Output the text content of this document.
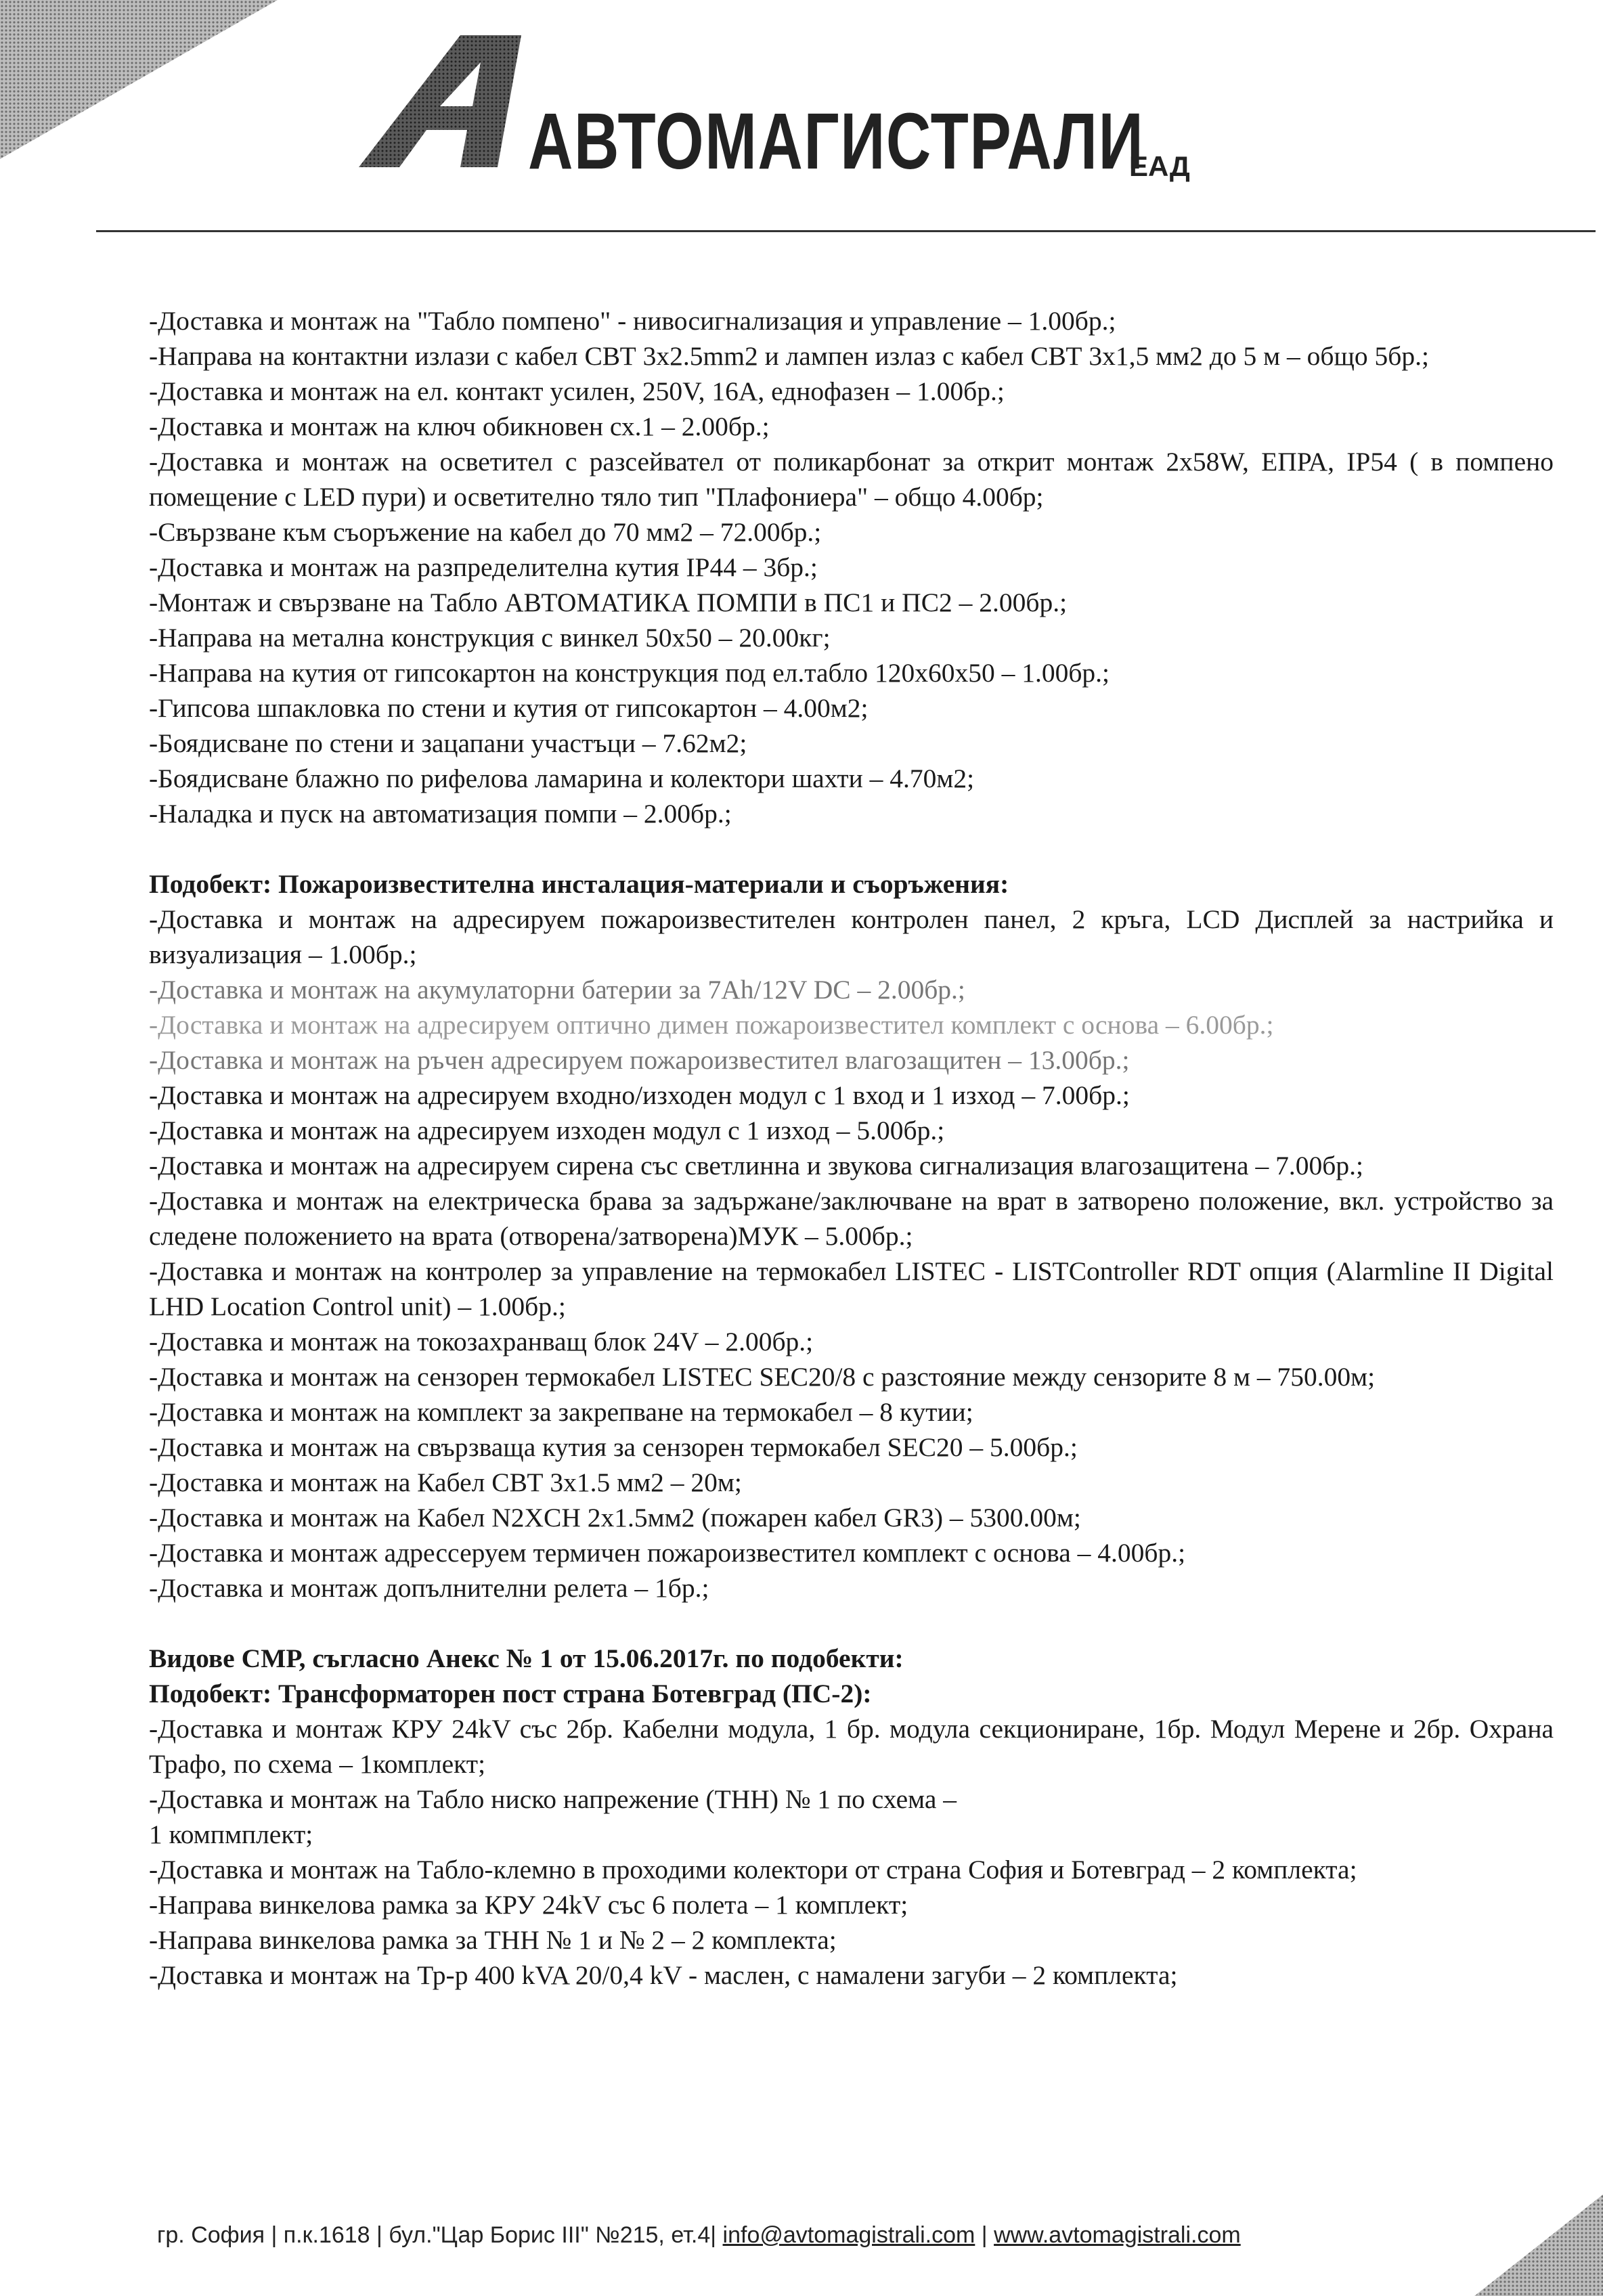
АВТОМАГИСТРАЛИ
ЕАД
-Доставка и монтаж на "Табло помпено" - нивосигнализация и управление – 1.00бр.;
-Направа на контактни излази с кабел СВТ 3х2.5mm2 и лампен излаз с кабел СВТ 3х1,5 мм2 до 5 м – общо 5бр.;
-Доставка и монтаж на ел. контакт усилен, 250V, 16А, еднофазен – 1.00бр.;
-Доставка и монтаж на ключ обикновен сх.1 – 2.00бр.;
-Доставка и монтаж на осветител с разсейвател от поликарбонат за открит монтаж 2х58W, ЕПРА, IP54 ( в помпено помещение с LED пури) и осветително тяло тип "Плафониера" – общо 4.00бр;
-Свързване към съоръжение на кабел до 70 мм2 – 72.00бр.;
-Доставка и монтаж на разпределителна кутия IP44 – 3бр.;
-Монтаж и свързване на Табло АВТОМАТИКА ПОМПИ в ПС1 и ПС2 – 2.00бр.;
-Направа на метална конструкция с винкел 50х50 – 20.00кг;
-Направа на кутия от гипсокартон на конструкция под ел.табло 120х60х50 – 1.00бр.;
-Гипсова шпакловка по стени и кутия от гипсокартон – 4.00м2;
-Боядисване по стени и зацапани участъци – 7.62м2;
-Боядисване блажно по рифелова ламарина и колектори шахти – 4.70м2;
-Наладка и пуск на автоматизация помпи – 2.00бр.;
Подобект: Пожароизвестителна инсталация-материали и съоръжения:
-Доставка и монтаж на адресируем пожароизвестителен контролен панел, 2 кръга, LCD Дисплей за настрийка и визуализация – 1.00бр.;
-Доставка и монтаж на акумулаторни батерии за 7Аh/12V DC – 2.00бр.;
-Доставка и монтаж на адресируем оптично димен пожароизвестител комплект с основа – 6.00бр.;
-Доставка и монтаж на ръчен адресируем пожароизвестител влагозащитен – 13.00бр.;
-Доставка и монтаж на адресируем входно/изходен модул с 1 вход и 1 изход – 7.00бр.;
-Доставка и монтаж на адресируем изходен модул с 1 изход – 5.00бр.;
-Доставка и монтаж на адресируем сирена със светлинна и звукова сигнализация влагозащитена – 7.00бр.;
-Доставка и монтаж на електрическа брава за задържане/заключване на врат в затворено положение, вкл. устройство за следене положението на врата (отворена/затворена)МУК – 5.00бр.;
-Доставка и монтаж на контролер за управление на термокабел LISTEC - LISTController RDT опция (Alarmline II Digital LHD Location Control unit) – 1.00бр.;
-Доставка и монтаж на токозахранващ блок 24V – 2.00бр.;
-Доставка и монтаж на сензорен термокабел LISTEC SEC20/8 с разстояние между сензорите 8 м – 750.00м;
-Доставка и монтаж на комплект за закрепване на термокабел – 8 кутии;
-Доставка и монтаж на свързваща кутия за сензорен термокабел SEC20 – 5.00бр.;
-Доставка и монтаж на Кабел СВТ 3х1.5 мм2 – 20м;
-Доставка и монтаж на Кабел N2XCH 2х1.5мм2 (пожарен кабел GR3) – 5300.00м;
-Доставка и монтаж адрессеруем термичен пожароизвестител комплект с основа – 4.00бр.;
-Доставка и монтаж допълнителни релета – 1бр.;
Видове СМР, съгласно Анекс № 1 от 15.06.2017г. по подобекти:
Подобект: Трансформаторен пост страна Ботевград (ПС-2):
-Доставка и монтаж КРУ 24kV със 2бр. Кабелни модула, 1 бр. модула секциониране, 1бр. Модул Мерене и 2бр. Охрана Трафо, по схема – 1комплект;
-Доставка и монтаж на Табло ниско напрежение (ТНН) № 1 по схема –
1 компмплект;
-Доставка и монтаж на Табло-клемно в проходими колектори от страна София и Ботевград – 2 комплекта;
-Направа винкелова рамка за КРУ 24kV със 6 полета – 1 комплект;
-Направа винкелова рамка за ТНН № 1 и № 2 – 2 комплекта;
-Доставка и монтаж на Тр-р 400 kVA 20/0,4 kV - маслен, с намалени загуби – 2 комплекта;
гр. София | п.к.1618 | бул."Цар Борис III" №215, ет.4| info@avtomagistrali.com | www.avtomagistrali.com
